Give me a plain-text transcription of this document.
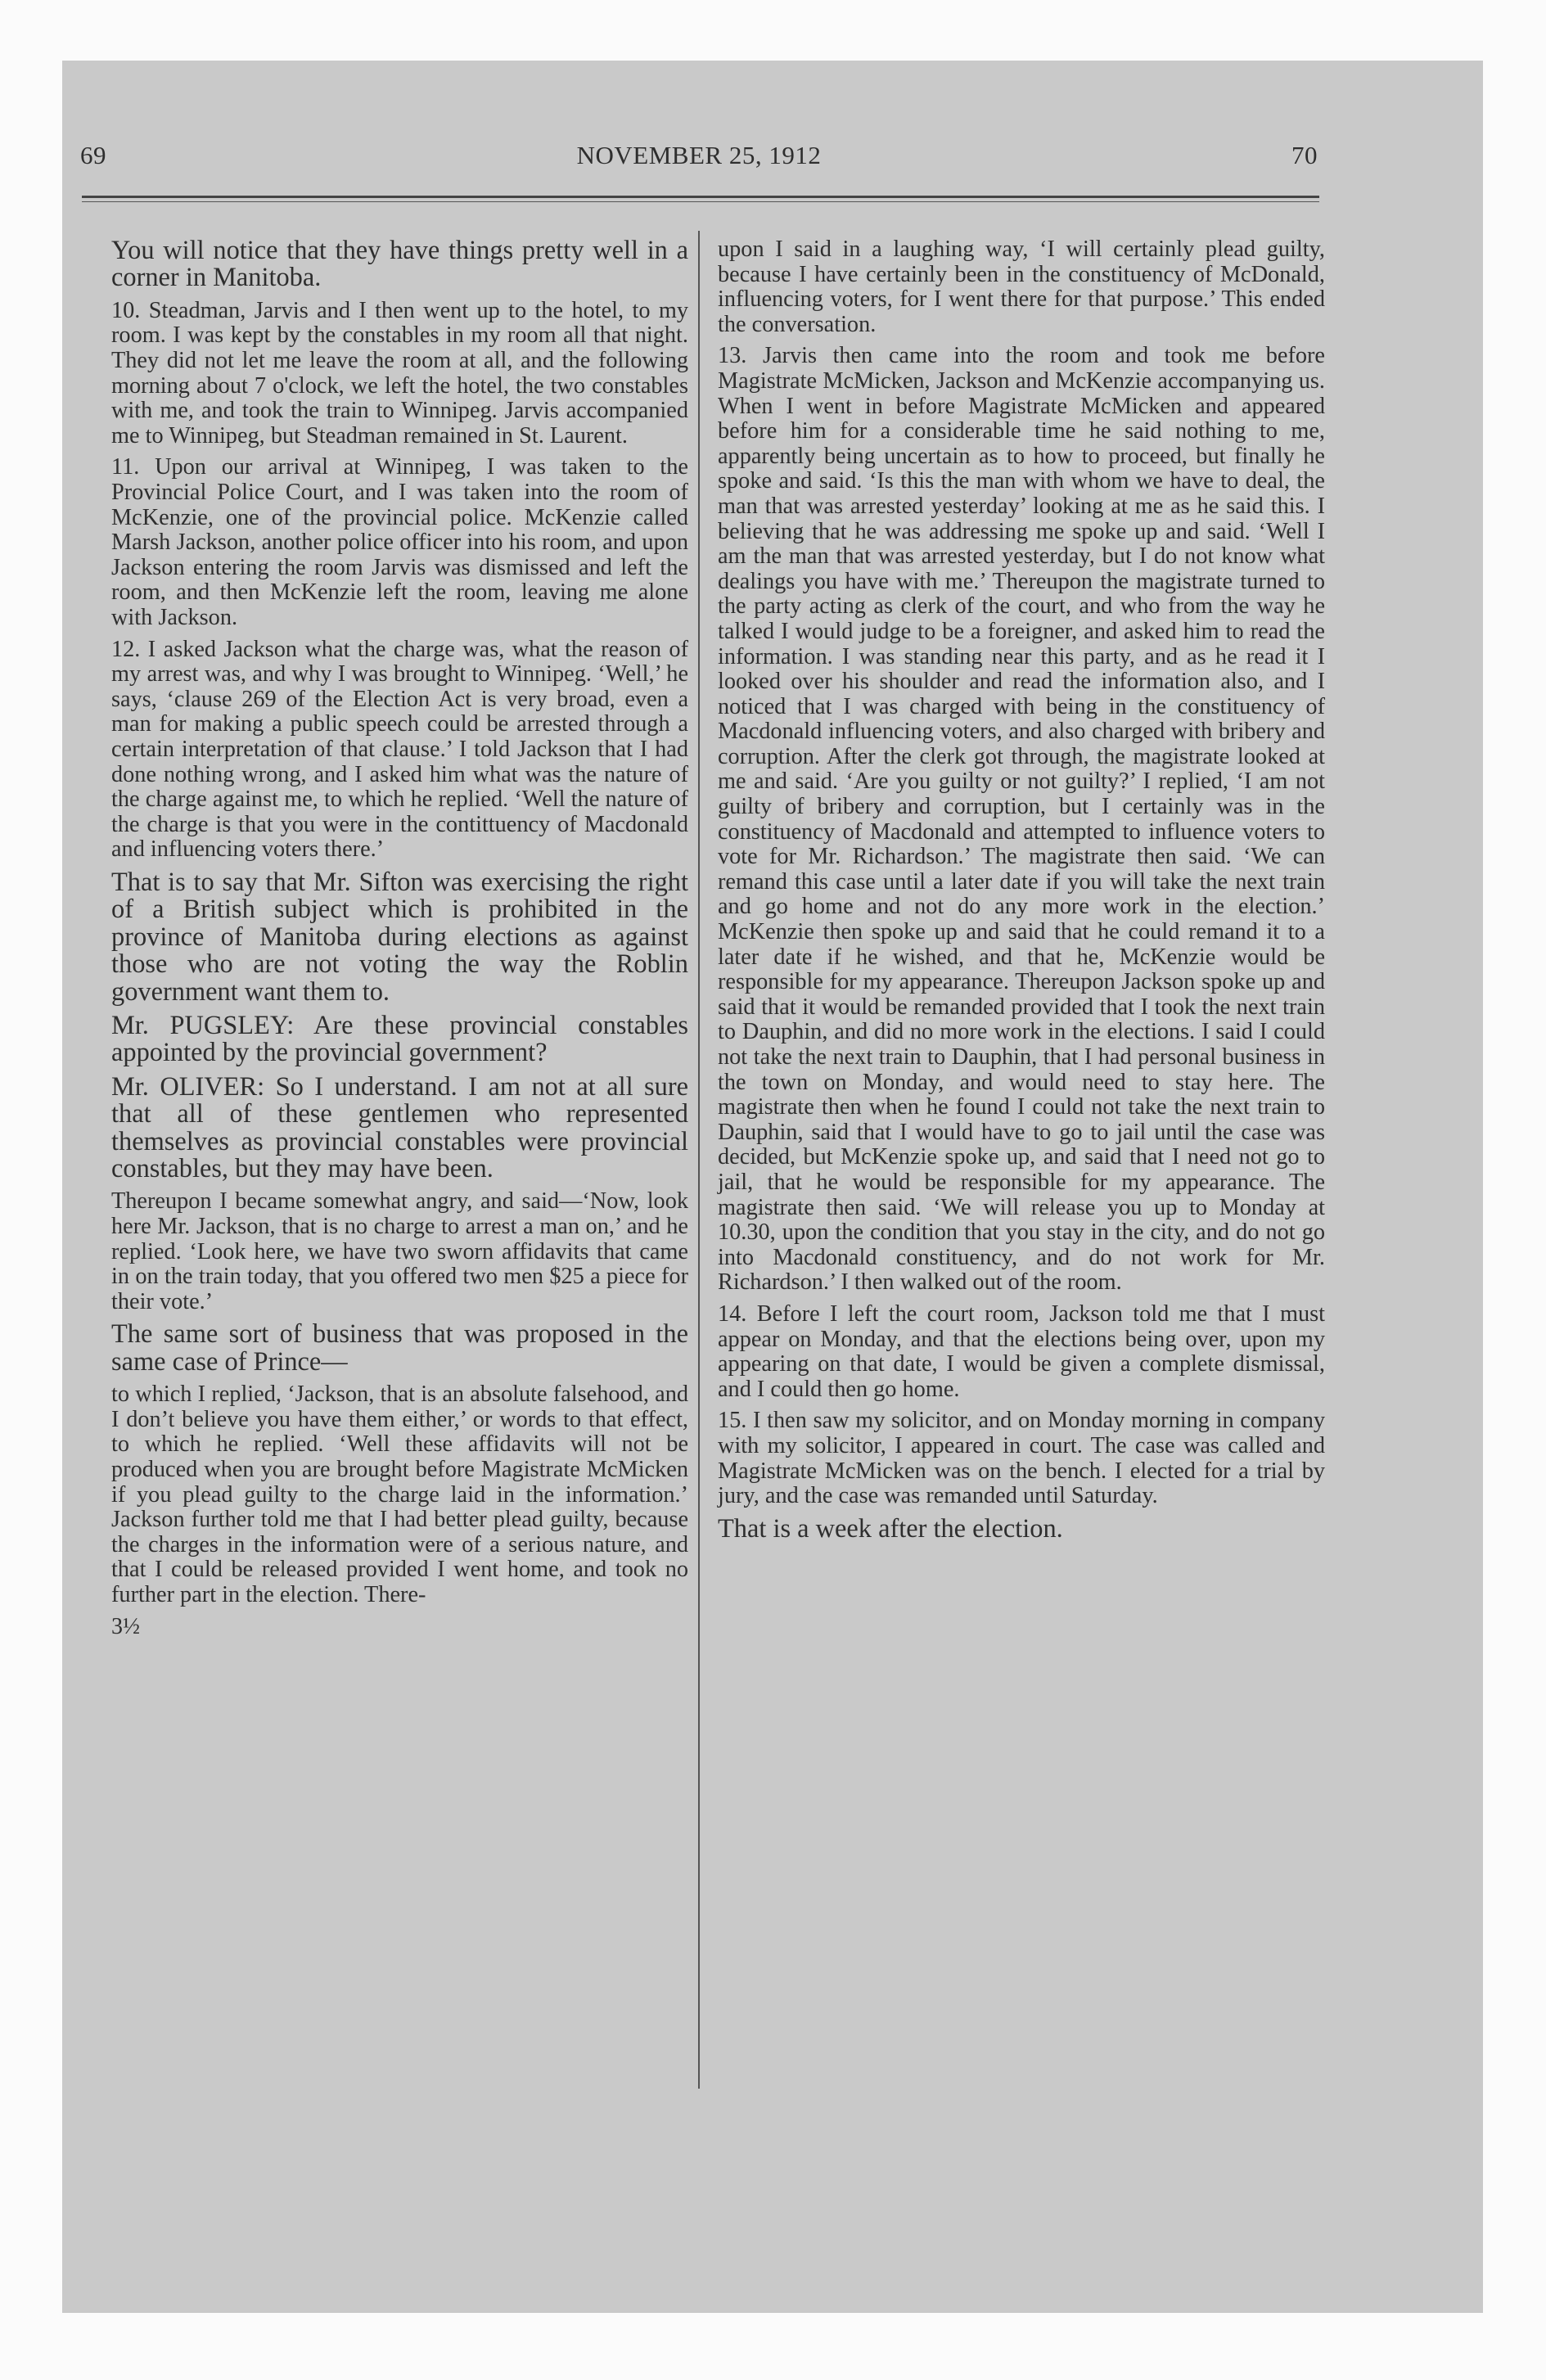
69	NOVEMBER 25, 1912	70

You will notice that they have things pretty well in a corner in Manitoba.

10. Steadman, Jarvis and I then went up to the hotel, to my room. I was kept by the constables in my room all that night. They did not let me leave the room at all, and the following morning about 7 o'clock, we left the hotel, the two constables with me, and took the train to Winnipeg. Jarvis accompanied me to Winnipeg, but Steadman remained in St. Laurent.

11. Upon our arrival at Winnipeg, I was taken to the Provincial Police Court, and I was taken into the room of McKenzie, one of the provincial police. McKenzie called Marsh Jackson, another police officer into his room, and upon Jackson entering the room Jarvis was dismissed and left the room, and then McKenzie left the room, leaving me alone with Jackson.

12. I asked Jackson what the charge was, what the reason of my arrest was, and why I was brought to Winnipeg. ‘Well,’ he says, ‘clause 269 of the Election Act is very broad, even a man for making a public speech could be arrested through a certain interpretation of that clause.’ I told Jackson that I had done nothing wrong, and I asked him what was the nature of the charge against me, to which he replied. ‘Well the nature of the charge is that you were in the contittuency of Macdonald and influencing voters there.’

That is to say that Mr. Sifton was exercising the right of a British subject which is prohibited in the province of Manitoba during elections as against those who are not voting the way the Roblin government want them to.

Mr. PUGSLEY: Are these provincial constables appointed by the provincial government?

Mr. OLIVER: So I understand. I am not at all sure that all of these gentlemen who represented themselves as provincial constables were provincial constables, but they may have been.

Thereupon I became somewhat angry, and said—‘Now, look here Mr. Jackson, that is no charge to arrest a man on,’ and he replied. ‘Look here, we have two sworn affidavits that came in on the train today, that you offered two men $25 a piece for their vote.’

The same sort of business that was proposed in the same case of Prince—

to which I replied, ‘Jackson, that is an absolute falsehood, and I don’t believe you have them either,’ or words to that effect, to which he replied. ‘Well these affidavits will not be produced when you are brought before Magistrate McMicken if you plead guilty to the charge laid in the information.’ Jackson further told me that I had better plead guilty, because the charges in the information were of a serious nature, and that I could be released provided I went home, and took no further part in the election. There-

3½

upon I said in a laughing way, ‘I will certainly plead guilty, because I have certainly been in the constituency of McDonald, influencing voters, for I went there for that purpose.’ This ended the conversation.

13. Jarvis then came into the room and took me before Magistrate McMicken, Jackson and McKenzie accompanying us. When I went in before Magistrate McMicken and appeared before him for a considerable time he said nothing to me, apparently being uncertain as to how to proceed, but finally he spoke and said. ‘Is this the man with whom we have to deal, the man that was arrested yesterday’ looking at me as he said this. I believing that he was addressing me spoke up and said. ‘Well I am the man that was arrested yesterday, but I do not know what dealings you have with me.’ Thereupon the magistrate turned to the party acting as clerk of the court, and who from the way he talked I would judge to be a foreigner, and asked him to read the information. I was standing near this party, and as he read it I looked over his shoulder and read the information also, and I noticed that I was charged with being in the constituency of Macdonald influencing voters, and also charged with bribery and corruption. After the clerk got through, the magistrate looked at me and said. ‘Are you guilty or not guilty?’ I replied, ‘I am not guilty of bribery and corruption, but I certainly was in the constituency of Macdonald and attempted to influence voters to vote for Mr. Richardson.’ The magistrate then said. ‘We can remand this case until a later date if you will take the next train and go home and not do any more work in the election.’ McKenzie then spoke up and said that he could remand it to a later date if he wished, and that he, McKenzie would be responsible for my appearance. Thereupon Jackson spoke up and said that it would be remanded provided that I took the next train to Dauphin, and did no more work in the elections. I said I could not take the next train to Dauphin, that I had personal business in the town on Monday, and would need to stay here. The magistrate then when he found I could not take the next train to Dauphin, said that I would have to go to jail until the case was decided, but McKenzie spoke up, and said that I need not go to jail, that he would be responsible for my appearance. The magistrate then said. ‘We will release you up to Monday at 10.30, upon the condition that you stay in the city, and do not go into Macdonald constituency, and do not work for Mr. Richardson.’ I then walked out of the room.

14. Before I left the court room, Jackson told me that I must appear on Monday, and that the elections being over, upon my appearing on that date, I would be given a complete dismissal, and I could then go home.

15. I then saw my solicitor, and on Monday morning in company with my solicitor, I appeared in court. The case was called and Magistrate McMicken was on the bench. I elected for a trial by jury, and the case was remanded until Saturday.

That is a week after the election.
